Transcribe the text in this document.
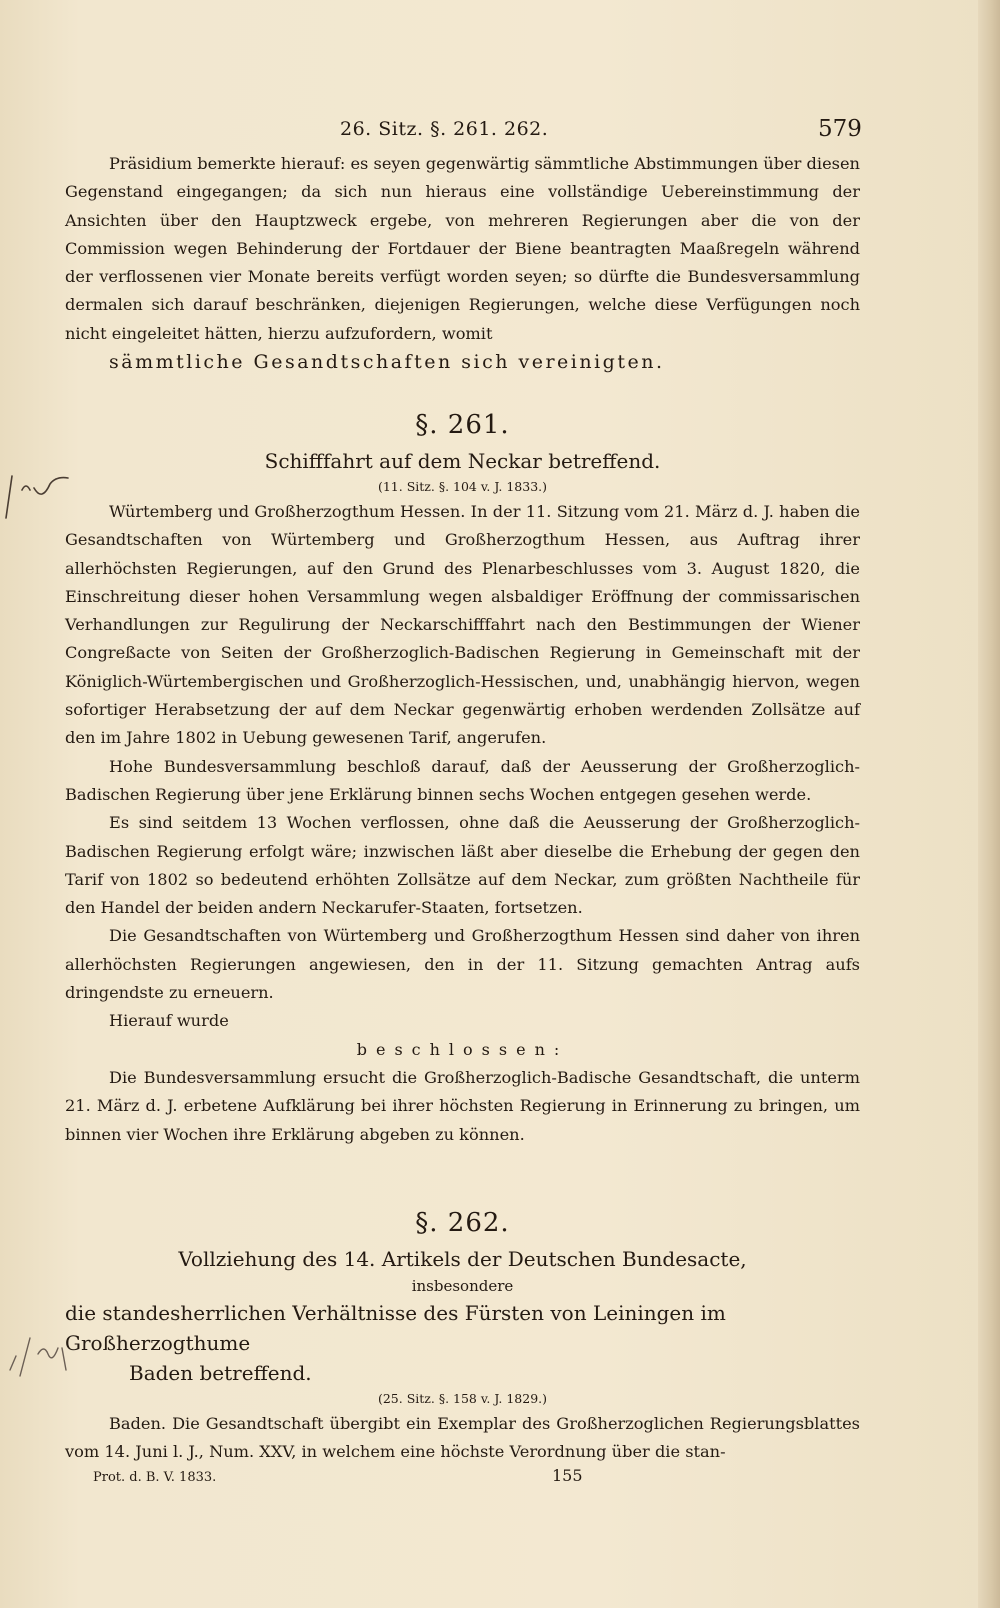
26. Sitz. §. 261. 262.	579

Präsidium bemerkte hierauf: es seyen gegenwärtig sämmtliche Abstimmungen über diesen Gegenstand eingegangen; da sich nun hieraus eine vollständige Uebereinstimmung der Ansichten über den Hauptzweck ergebe, von mehreren Regierungen aber die von der Commission wegen Behinderung der Fortdauer der Biene beantragten Maaßregeln während der verflossenen vier Monate bereits verfügt worden seyen; so dürfte die Bundesversammlung dermalen sich darauf beschränken, diejenigen Regierungen, welche diese Verfügungen noch nicht eingeleitet hätten, hierzu aufzufordern, womit

sämmtliche Gesandtschaften sich vereinigten.

§. 261.
Schifffahrt auf dem Neckar betreffend.
(11. Sitz. §. 104 v. J. 1833.)

Würtemberg und Großherzogthum Hessen. In der 11. Sitzung vom 21. März d. J. haben die Gesandtschaften von Würtemberg und Großherzogthum Hessen, aus Auftrag ihrer allerhöchsten Regierungen, auf den Grund des Plenarbeschlusses vom 3. August 1820, die Einschreitung dieser hohen Versammlung wegen alsbaldiger Eröffnung der commissarischen Verhandlungen zur Regulirung der Neckarschifffahrt nach den Bestimmungen der Wiener Congreßacte von Seiten der Großherzoglich-Badischen Regierung in Gemeinschaft mit der Königlich-Würtembergischen und Großherzoglich-Hessischen, und, unabhängig hiervon, wegen sofortiger Herabsetzung der auf dem Neckar gegenwärtig erhoben werdenden Zollsätze auf den im Jahre 1802 in Uebung gewesenen Tarif, angerufen.

Hohe Bundesversammlung beschloß darauf, daß der Aeusserung der Großherzoglich-Badischen Regierung über jene Erklärung binnen sechs Wochen entgegen gesehen werde.

Es sind seitdem 13 Wochen verflossen, ohne daß die Aeusserung der Großherzoglich-Badischen Regierung erfolgt wäre; inzwischen läßt aber dieselbe die Erhebung der gegen den Tarif von 1802 so bedeutend erhöhten Zollsätze auf dem Neckar, zum größten Nachtheile für den Handel der beiden andern Neckarufer-Staaten, fortsetzen.

Die Gesandtschaften von Würtemberg und Großherzogthum Hessen sind daher von ihren allerhöchsten Regierungen angewiesen, den in der 11. Sitzung gemachten Antrag aufs dringendste zu erneuern.

Hierauf wurde

beschlossen:

Die Bundesversammlung ersucht die Großherzoglich-Badische Gesandtschaft, die unterm 21. März d. J. erbetene Aufklärung bei ihrer höchsten Regierung in Erinnerung zu bringen, um binnen vier Wochen ihre Erklärung abgeben zu können.

§. 262.
Vollziehung des 14. Artikels der Deutschen Bundesacte,
insbesondere
die standesherrlichen Verhältnisse des Fürsten von Leiningen im Großherzogthume
Baden betreffend.
(25. Sitz. §. 158 v. J. 1829.)

Baden. Die Gesandtschaft übergibt ein Exemplar des Großherzoglichen Regierungsblattes vom 14. Juni l. J., Num. XXV, in welchem eine höchste Verordnung über die stan-

Prot. d. B. V. 1833.	155
